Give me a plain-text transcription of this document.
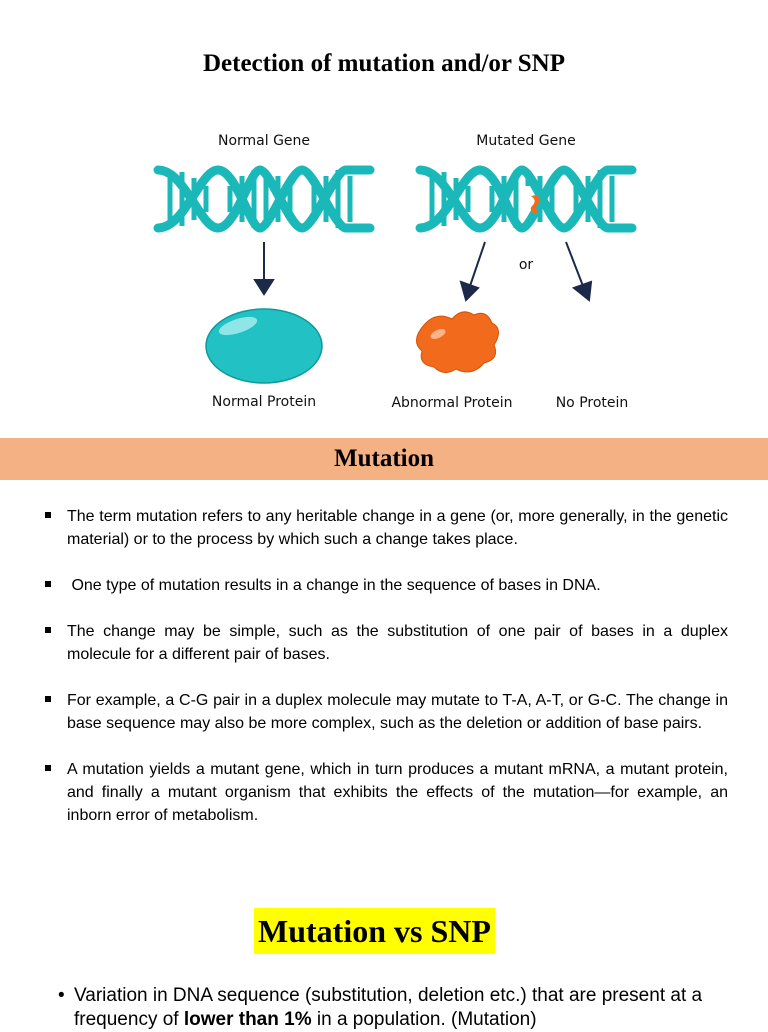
Detection of mutation and/or SNP
Normal Gene	Mutated Gene
or
Normal Protein	Abnormal Protein	No Protein
Mutation
The term mutation refers to any heritable change in a gene (or, more generally, in the genetic material) or to the process by which such a change takes place.
One type of mutation results in a change in the sequence of bases in DNA.
The change may be simple, such as the substitution of one pair of bases in a duplex molecule for a different pair of bases.
For example, a C-G pair in a duplex molecule may mutate to T-A, A-T, or G-C. The change in base sequence may also be more complex, such as the deletion or addition of base pairs.
A mutation yields a mutant gene, which in turn produces a mutant mRNA, a mutant protein, and finally a mutant organism that exhibits the effects of the mutation—for example, an inborn error of metabolism.
Mutation vs SNP
• Variation in DNA sequence (substitution, deletion etc.) that are present at a frequency of lower than 1% in a population. (Mutation)
